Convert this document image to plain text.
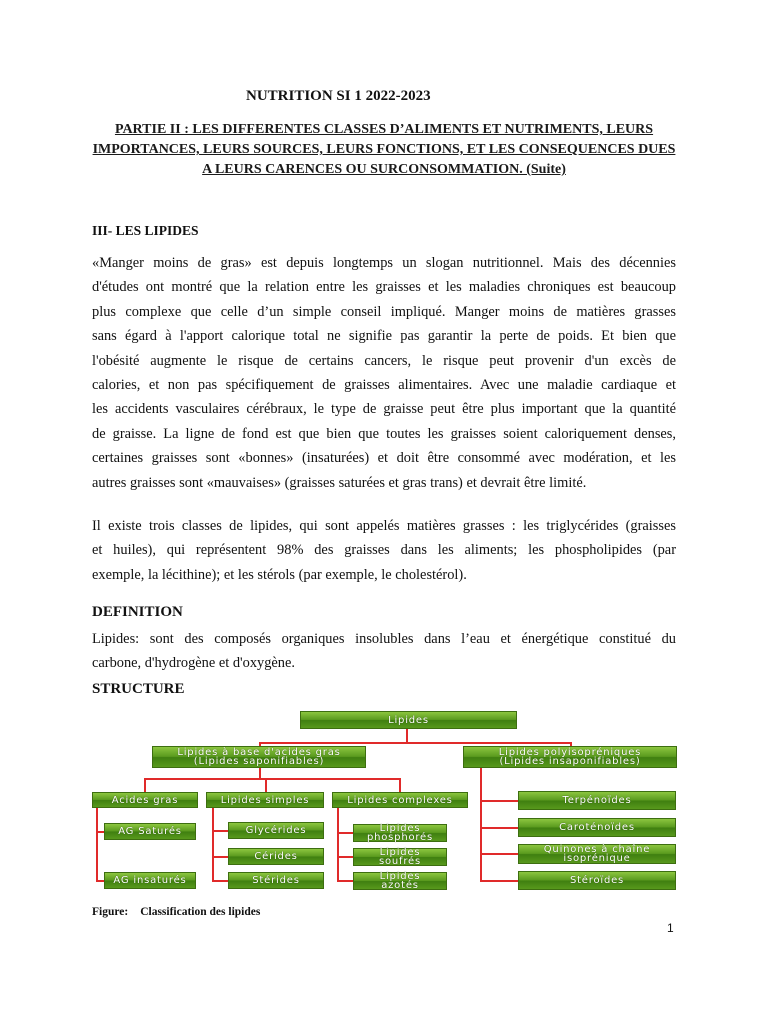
NUTRITION SI 1 2022-2023
PARTIE II : LES DIFFERENTES CLASSES D’ALIMENTS ET NUTRIMENTS, LEURS
IMPORTANCES, LEURS SOURCES, LEURS FONCTIONS, ET LES CONSEQUENCES DUES
A LEURS CARENCES OU SURCONSOMMATION. (Suite)
III- LES LIPIDES
«Manger moins de gras» est depuis longtemps un slogan nutritionnel. Mais des décennies
d'études ont montré que la relation entre les graisses et les maladies chroniques est beaucoup
plus complexe que celle d’un simple conseil impliqué. Manger moins de matières grasses
sans égard à l'apport calorique total ne signifie pas garantir la perte de poids. Et bien que
l'obésité augmente le risque de certains cancers, le risque peut provenir d'un excès de
calories, et non pas spécifiquement de graisses alimentaires. Avec une maladie cardiaque et
les accidents vasculaires cérébraux, le type de graisse peut être plus important que la quantité
de graisse. La ligne de fond est que bien que toutes les graisses soient caloriquement denses,
certaines graisses sont «bonnes» (insaturées) et doit être consommé avec modération, et les
autres graisses sont «mauvaises» (graisses saturées et gras trans) et devrait être limité.
Il existe trois classes de lipides, qui sont appelés matières grasses : les triglycérides (graisses
et huiles), qui représentent 98% des graisses dans les aliments; les phospholipides (par
exemple, la lécithine); et les stérols (par exemple, le cholestérol).
DEFINITION
Lipides: sont des composés organiques insolubles dans l’eau et énergétique constitué du
carbone, d'hydrogène et d'oxygène.
STRUCTURE
Lipides
Lipides à base d'acides gras
(Lipides saponifiables)
Lipides polyisopréniques
(Lipides insaponifiables)
Acides gras	Lipides simples	Lipides complexes
AG Saturés
AG insaturés
Glycérides
Cérides
Stérides
Lipides
phosphorés
Lipides
soufrés
Lipides
azotés
Terpénoïdes
Caroténoïdes
Quinones à chaîne
isoprénique
Stéroïdes
Figure: Classification des lipides
1
